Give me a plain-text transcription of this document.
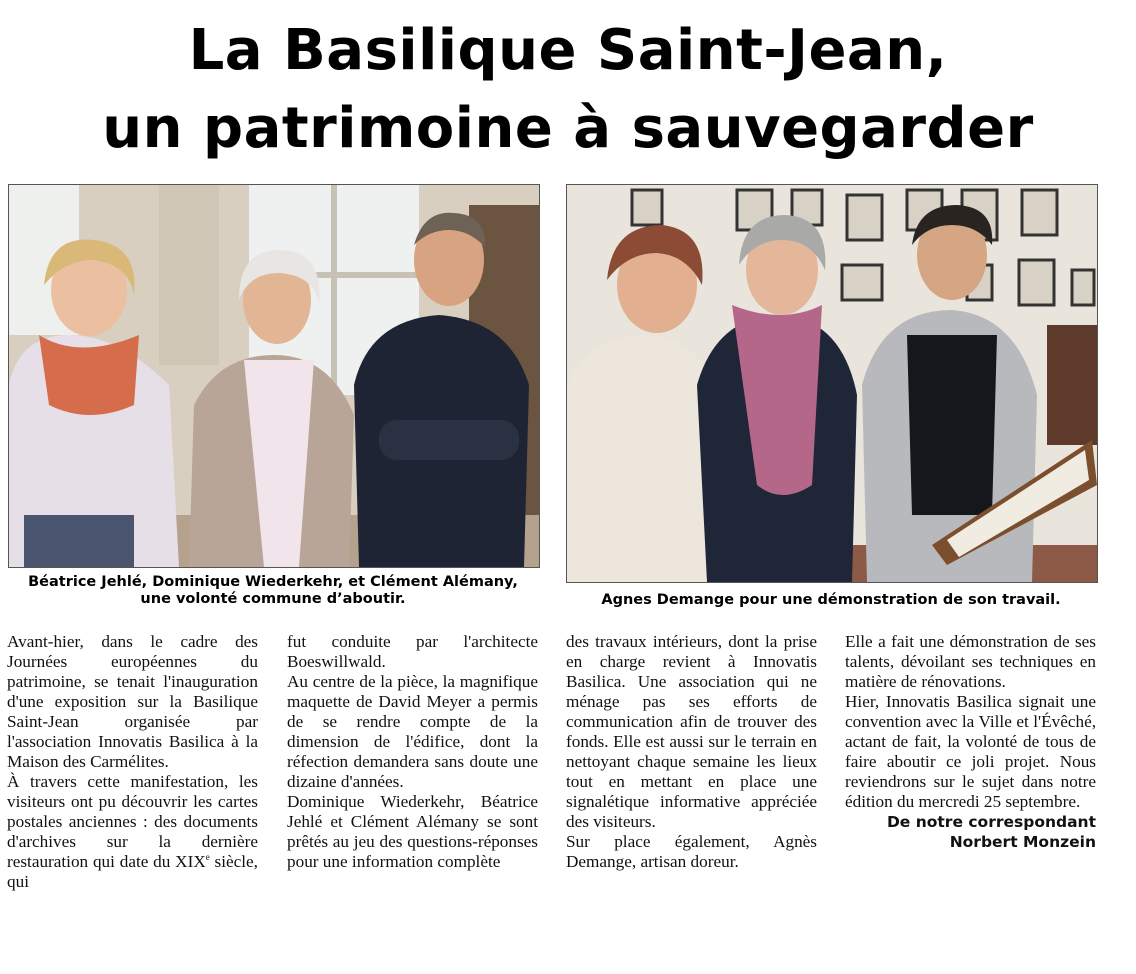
La Basilique Saint-Jean,
un patrimoine à sauvegarder
Béatrice Jehlé, Dominique Wiederkehr, et Clément Alémany,
une volonté commune d’aboutir.	Agnes Demange pour une démonstration de son travail.

Avant-hier, dans le cadre des Journées européennes du patrimoine, se tenait l'inauguration d'une exposition sur la Basilique Saint-Jean organisée par l'association Innovatis Basilica à la Maison des Carmélites.

À travers cette manifestation, les visiteurs ont pu découvrir les cartes postales anciennes : des documents d'archives sur la dernière restauration qui date du XIXe siècle, qui

fut conduite par l'architecte Boeswillwald.

Au centre de la pièce, la magnifique maquette de David Meyer a permis de se rendre compte de la dimension de l'édifice, dont la réfection demandera sans doute une dizaine d'années.

Dominique Wiederkehr, Béatrice Jehlé et Clément Alémany se sont prêtés au jeu des questions-réponses pour une information complète

des travaux intérieurs, dont la prise en charge revient à Innovatis Basilica. Une association qui ne ménage pas ses efforts de communication afin de trouver des fonds. Elle est aussi sur le terrain en nettoyant chaque semaine les lieux tout en mettant en place une signalétique informative appréciée des visiteurs.

Sur place également, Agnès Demange, artisan doreur.

Elle a fait une démonstration de ses talents, dévoilant ses techniques en matière de rénovations.

Hier, Innovatis Basilica signait une convention avec la Ville et l'Évêché, actant de fait, la volonté de tous de faire aboutir ce joli projet. Nous reviendrons sur le sujet dans notre édition du mercredi 25 septembre.

De notre correspondant

Norbert Monzein
